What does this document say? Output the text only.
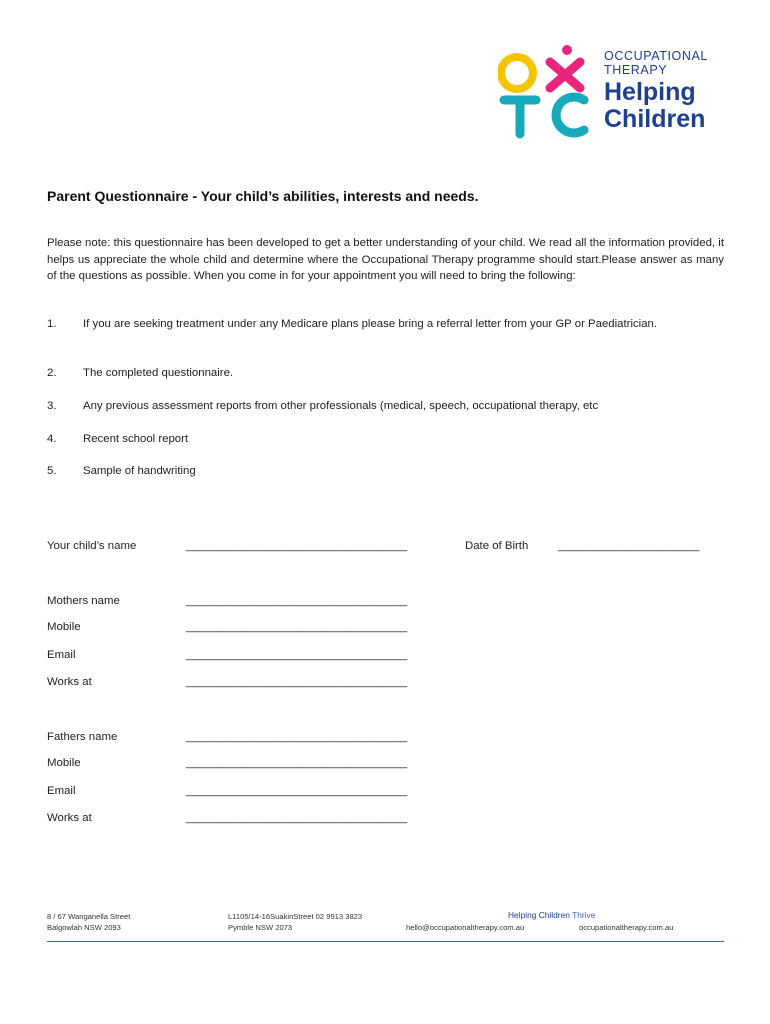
OCCUPATIONAL
THERAPY
Helping
Children
Parent Questionnaire - Your child’s abilities, interests and needs.
Please note: this questionnaire has been developed to get a better understanding of your child. We read all the information provided, it helps us appreciate the whole child and determine where the Occupational Therapy programme should start.Please answer as many of the questions as possible. When you come in for your appointment you will need to bring the following:
1. If you are seeking treatment under any Medicare plans please bring a referral letter from your GP or Paediatrician.
2. The completed questionnaire.
3. Any previous assessment reports from other professionals (medical, speech, occupational therapy, etc
4. Recent school report
5. Sample of handwriting
Your child’s name	____________________________________	Date of Birth	_______________________
Mothers name	____________________________________
Mobile	____________________________________
Email	____________________________________
Works at	____________________________________
Fathers name	____________________________________
Mobile	____________________________________
Email	____________________________________
Works at	____________________________________
8 / 67 Wanganella Street
Balgowlah NSW 2093
L1105/14-16SuakinStreet 02 9913 3823
Pymble NSW 2073
Helping Children Thrive
hello@occupationaltherapy.com.au	occupationaltherapy.com.au
